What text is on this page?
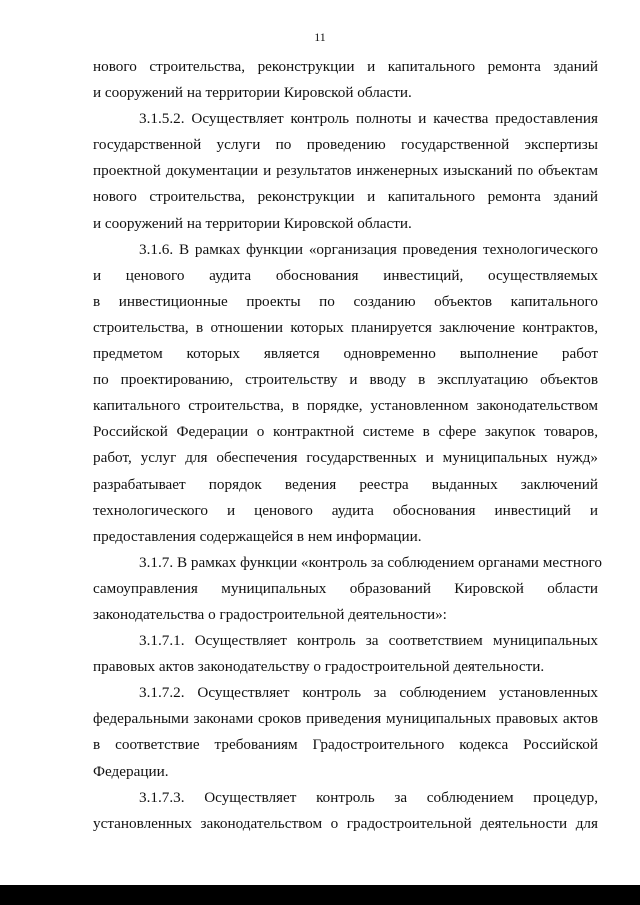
11
нового строительства, реконструкции и капитального ремонта зданий
и сооружений на территории Кировской области.
3.1.5.2. Осуществляет контроль полноты и качества предоставления
государственной услуги по проведению государственной экспертизы
проектной документации и результатов инженерных изысканий по объектам
нового строительства, реконструкции и капитального ремонта зданий
и сооружений на территории Кировской области.
3.1.6. В рамках функции «организация проведения технологического
и ценового аудита обоснования инвестиций, осуществляемых
в инвестиционные проекты по созданию объектов капитального
строительства, в отношении которых планируется заключение контрактов,
предметом которых является одновременно выполнение работ
по проектированию, строительству и вводу в эксплуатацию объектов
капитального строительства, в порядке, установленном законодательством
Российской Федерации о контрактной системе в сфере закупок товаров,
работ, услуг для обеспечения государственных и муниципальных нужд»
разрабатывает порядок ведения реестра выданных заключений
технологического и ценового аудита обоснования инвестиций и
предоставления содержащейся в нем информации.
3.1.7. В рамках функции «контроль за соблюдением органами местного
самоуправления муниципальных образований Кировской области
законодательства о градостроительной деятельности»:
3.1.7.1. Осуществляет контроль за соответствием муниципальных
правовых актов законодательству о градостроительной деятельности.
3.1.7.2. Осуществляет контроль за соблюдением установленных
федеральными законами сроков приведения муниципальных правовых актов
в соответствие требованиям Градостроительного кодекса Российской
Федерации.
3.1.7.3. Осуществляет контроль за соблюдением процедур,
установленных законодательством о градостроительной деятельности для
